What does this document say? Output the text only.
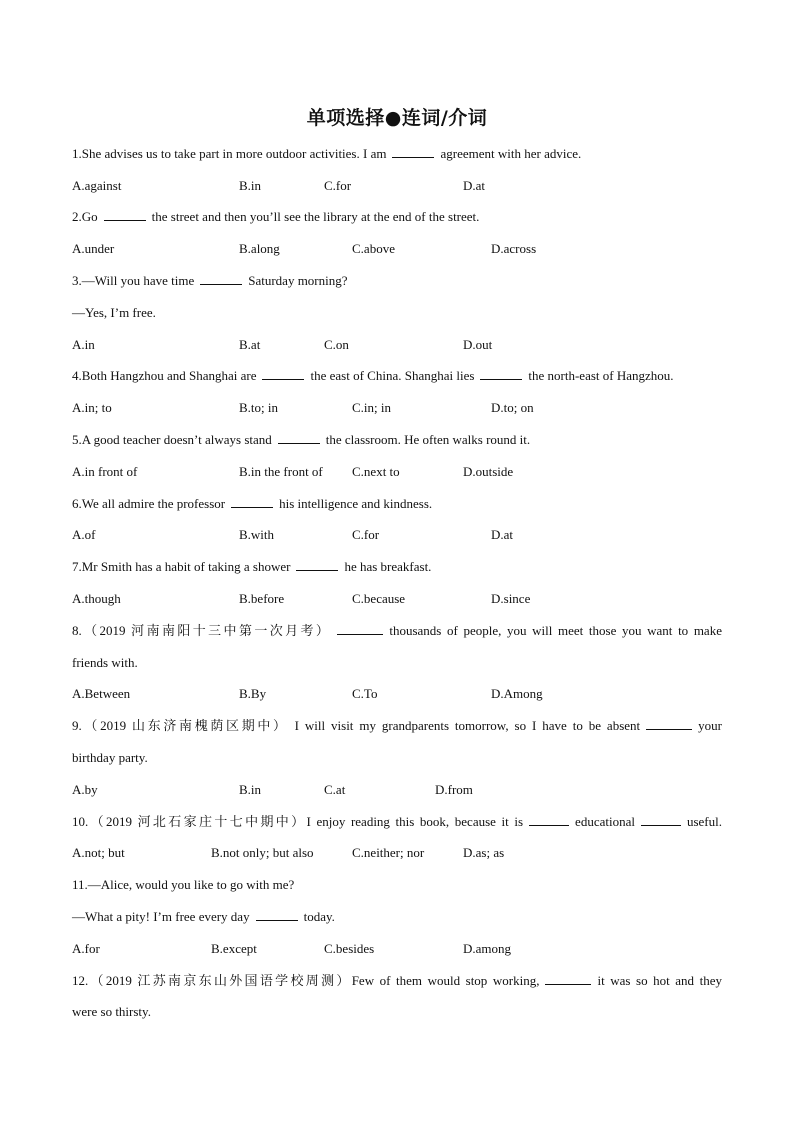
单项选择●连词/介词
1.She advises us to take part in more outdoor activities. I am	agreement with her advice.
A.against	B.in	C.for	D.at
2.Go	the street and then you’ll see the library at the end of the street.
A.under	B.along	C.above	D.across
3.—Will you have time	Saturday morning?
—Yes, I’m free.
A.in	B.at	C.on	D.out
4.Both Hangzhou and Shanghai are	the east of China. Shanghai lies	the north-east of Hangzhou.
A.in; to	B.to; in	C.in; in	D.to; on
5.A good teacher doesn’t always stand	the classroom. He often walks round it.
A.in front of	B.in the front of C.next to	D.outside
6.We all admire the professor	his intelligence and kindness.
A.of	B.with	C.for	D.at
7.Mr Smith has a habit of taking a shower	he has breakfast.
A.though	B.before	C.because	D.since
8.（2019 河南南阳十三中第一次月考）	thousands of people, you will meet those you want to make
friends with.
A.Between	B.By	C.To	D.Among
9.（2019 山东济南槐荫区期中） I will visit my grandparents tomorrow, so I have to be absent	your
birthday party.
A.by	B.in	C.at	D.from
10.（2019 河北石家庄十七中期中）I enjoy reading this book, because it is	educational	useful.
A.not; but	B.not only; but also	C.neither; nor	D.as; as
11.—Alice, would you like to go with me?
—What a pity! I’m free every day	today.
A.for	B.except	C.besides	D.among
12.（2019 江苏南京东山外国语学校周测）Few of them would stop working,	it was so hot and they
were so thirsty.
